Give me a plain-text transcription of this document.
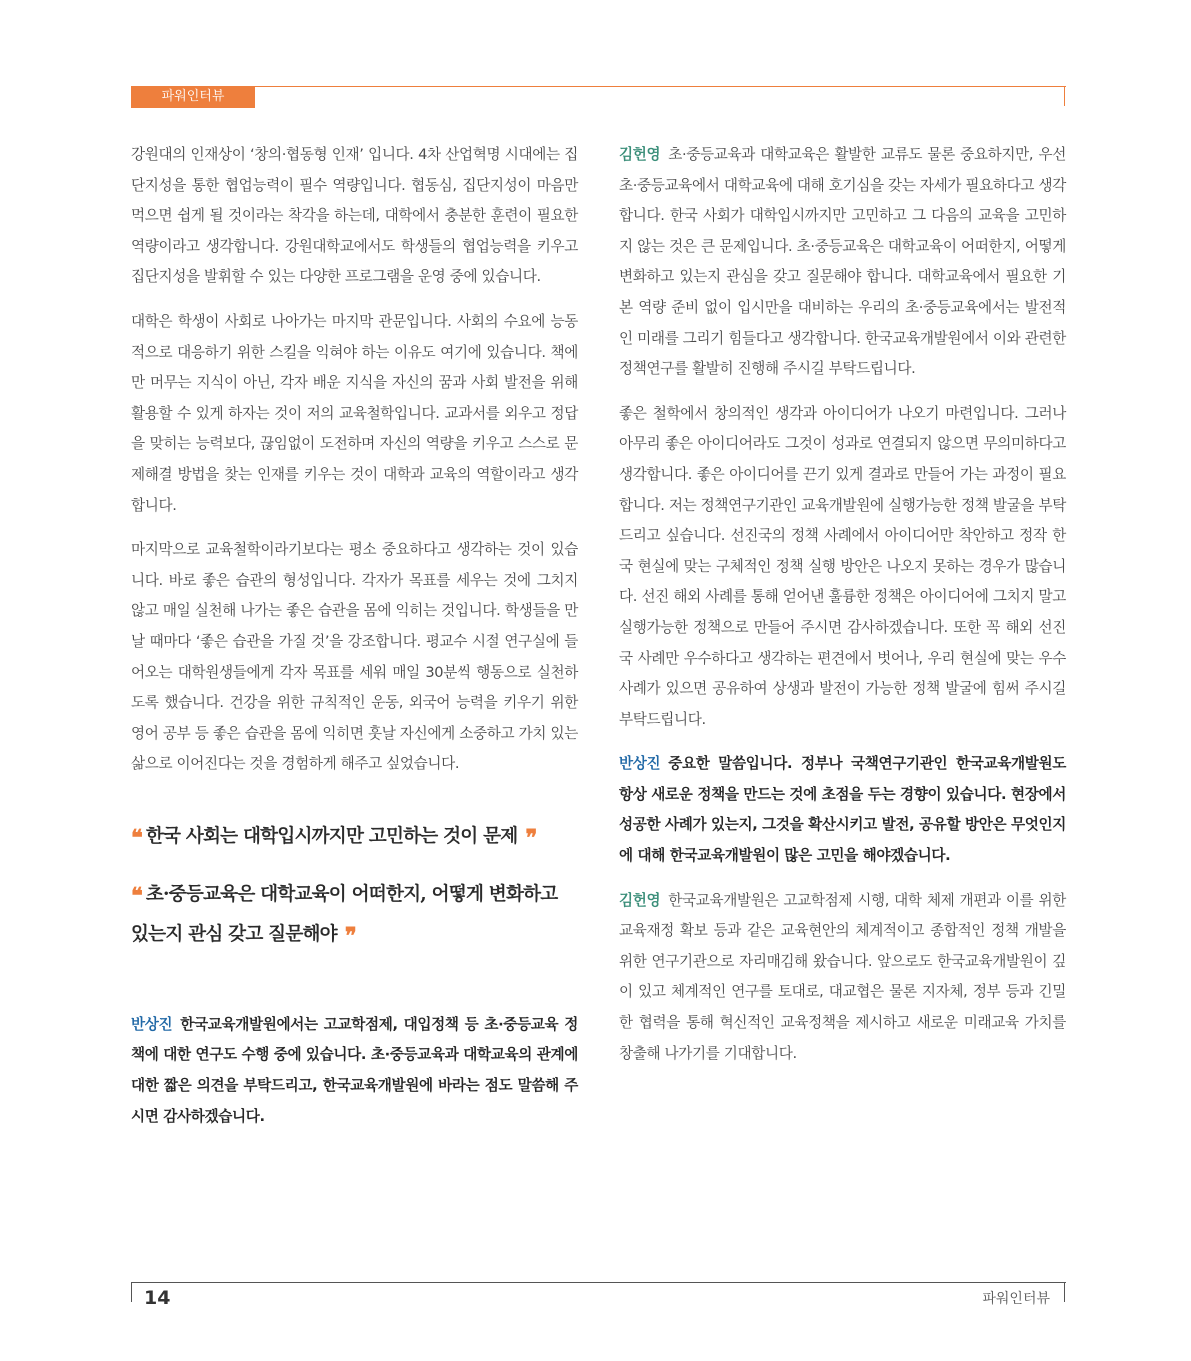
파워인터뷰

강원대의 인재상이 ‘창의·협동형 인재’ 입니다. 4차 산업혁명 시대에는 집단지성을 통한 협업능력이 필수 역량입니다. 협동심, 집단지성이 마음만 먹으면 쉽게 될 것이라는 착각을 하는데, 대학에서 충분한 훈련이 필요한 역량이라고 생각합니다. 강원대학교에서도 학생들의 협업능력을 키우고 집단지성을 발휘할 수 있는 다양한 프로그램을 운영 중에 있습니다.

대학은 학생이 사회로 나아가는 마지막 관문입니다. 사회의 수요에 능동적으로 대응하기 위한 스킬을 익혀야 하는 이유도 여기에 있습니다. 책에만 머무는 지식이 아닌, 각자 배운 지식을 자신의 꿈과 사회 발전을 위해 활용할 수 있게 하자는 것이 저의 교육철학입니다. 교과서를 외우고 정답을 맞히는 능력보다, 끊임없이 도전하며 자신의 역량을 키우고 스스로 문제해결 방법을 찾는 인재를 키우는 것이 대학과 교육의 역할이라고 생각합니다.

마지막으로 교육철학이라기보다는 평소 중요하다고 생각하는 것이 있습니다. 바로 좋은 습관의 형성입니다. 각자가 목표를 세우는 것에 그치지 않고 매일 실천해 나가는 좋은 습관을 몸에 익히는 것입니다. 학생들을 만날 때마다 ‘좋은 습관을 가질 것’을 강조합니다. 평교수 시절 연구실에 들어오는 대학원생들에게 각자 목표를 세워 매일 30분씩 행동으로 실천하도록 했습니다. 건강을 위한 규칙적인 운동, 외국어 능력을 키우기 위한 영어 공부 등 좋은 습관을 몸에 익히면 훗날 자신에게 소중하고 가치 있는 삶으로 이어진다는 것을 경험하게 해주고 싶었습니다.

❝ 한국 사회는 대학입시까지만 고민하는 것이 문제 ❞

❝ 초·중등교육은 대학교육이 어떠한지, 어떻게 변화하고 있는지 관심 갖고 질문해야 ❞

반상진 한국교육개발원에서는 고교학점제, 대입정책 등 초·중등교육 정책에 대한 연구도 수행 중에 있습니다. 초·중등교육과 대학교육의 관계에 대한 짧은 의견을 부탁드리고, 한국교육개발원에 바라는 점도 말씀해 주시면 감사하겠습니다.

김헌영 초·중등교육과 대학교육은 활발한 교류도 물론 중요하지만, 우선 초·중등교육에서 대학교육에 대해 호기심을 갖는 자세가 필요하다고 생각합니다. 한국 사회가 대학입시까지만 고민하고 그 다음의 교육을 고민하지 않는 것은 큰 문제입니다. 초·중등교육은 대학교육이 어떠한지, 어떻게 변화하고 있는지 관심을 갖고 질문해야 합니다. 대학교육에서 필요한 기본 역량 준비 없이 입시만을 대비하는 우리의 초·중등교육에서는 발전적인 미래를 그리기 힘들다고 생각합니다. 한국교육개발원에서 이와 관련한 정책연구를 활발히 진행해 주시길 부탁드립니다.

좋은 철학에서 창의적인 생각과 아이디어가 나오기 마련입니다. 그러나 아무리 좋은 아이디어라도 그것이 성과로 연결되지 않으면 무의미하다고 생각합니다. 좋은 아이디어를 끈기 있게 결과로 만들어 가는 과정이 필요합니다. 저는 정책연구기관인 교육개발원에 실행가능한 정책 발굴을 부탁드리고 싶습니다. 선진국의 정책 사례에서 아이디어만 착안하고 정작 한국 현실에 맞는 구체적인 정책 실행 방안은 나오지 못하는 경우가 많습니다. 선진 해외 사례를 통해 얻어낸 훌륭한 정책은 아이디어에 그치지 말고 실행가능한 정책으로 만들어 주시면 감사하겠습니다. 또한 꼭 해외 선진국 사례만 우수하다고 생각하는 편견에서 벗어나, 우리 현실에 맞는 우수사례가 있으면 공유하여 상생과 발전이 가능한 정책 발굴에 힘써 주시길 부탁드립니다.

반상진 중요한 말씀입니다. 정부나 국책연구기관인 한국교육개발원도 항상 새로운 정책을 만드는 것에 초점을 두는 경향이 있습니다. 현장에서 성공한 사례가 있는지, 그것을 확산시키고 발전, 공유할 방안은 무엇인지에 대해 한국교육개발원이 많은 고민을 해야겠습니다.

김헌영 한국교육개발원은 고교학점제 시행, 대학 체제 개편과 이를 위한 교육재정 확보 등과 같은 교육현안의 체계적이고 종합적인 정책 개발을 위한 연구기관으로 자리매김해 왔습니다. 앞으로도 한국교육개발원이 깊이 있고 체계적인 연구를 토대로, 대교협은 물론 지자체, 정부 등과 긴밀한 협력을 통해 혁신적인 교육정책을 제시하고 새로운 미래교육 가치를 창출해 나가기를 기대합니다.

14	파워인터뷰
